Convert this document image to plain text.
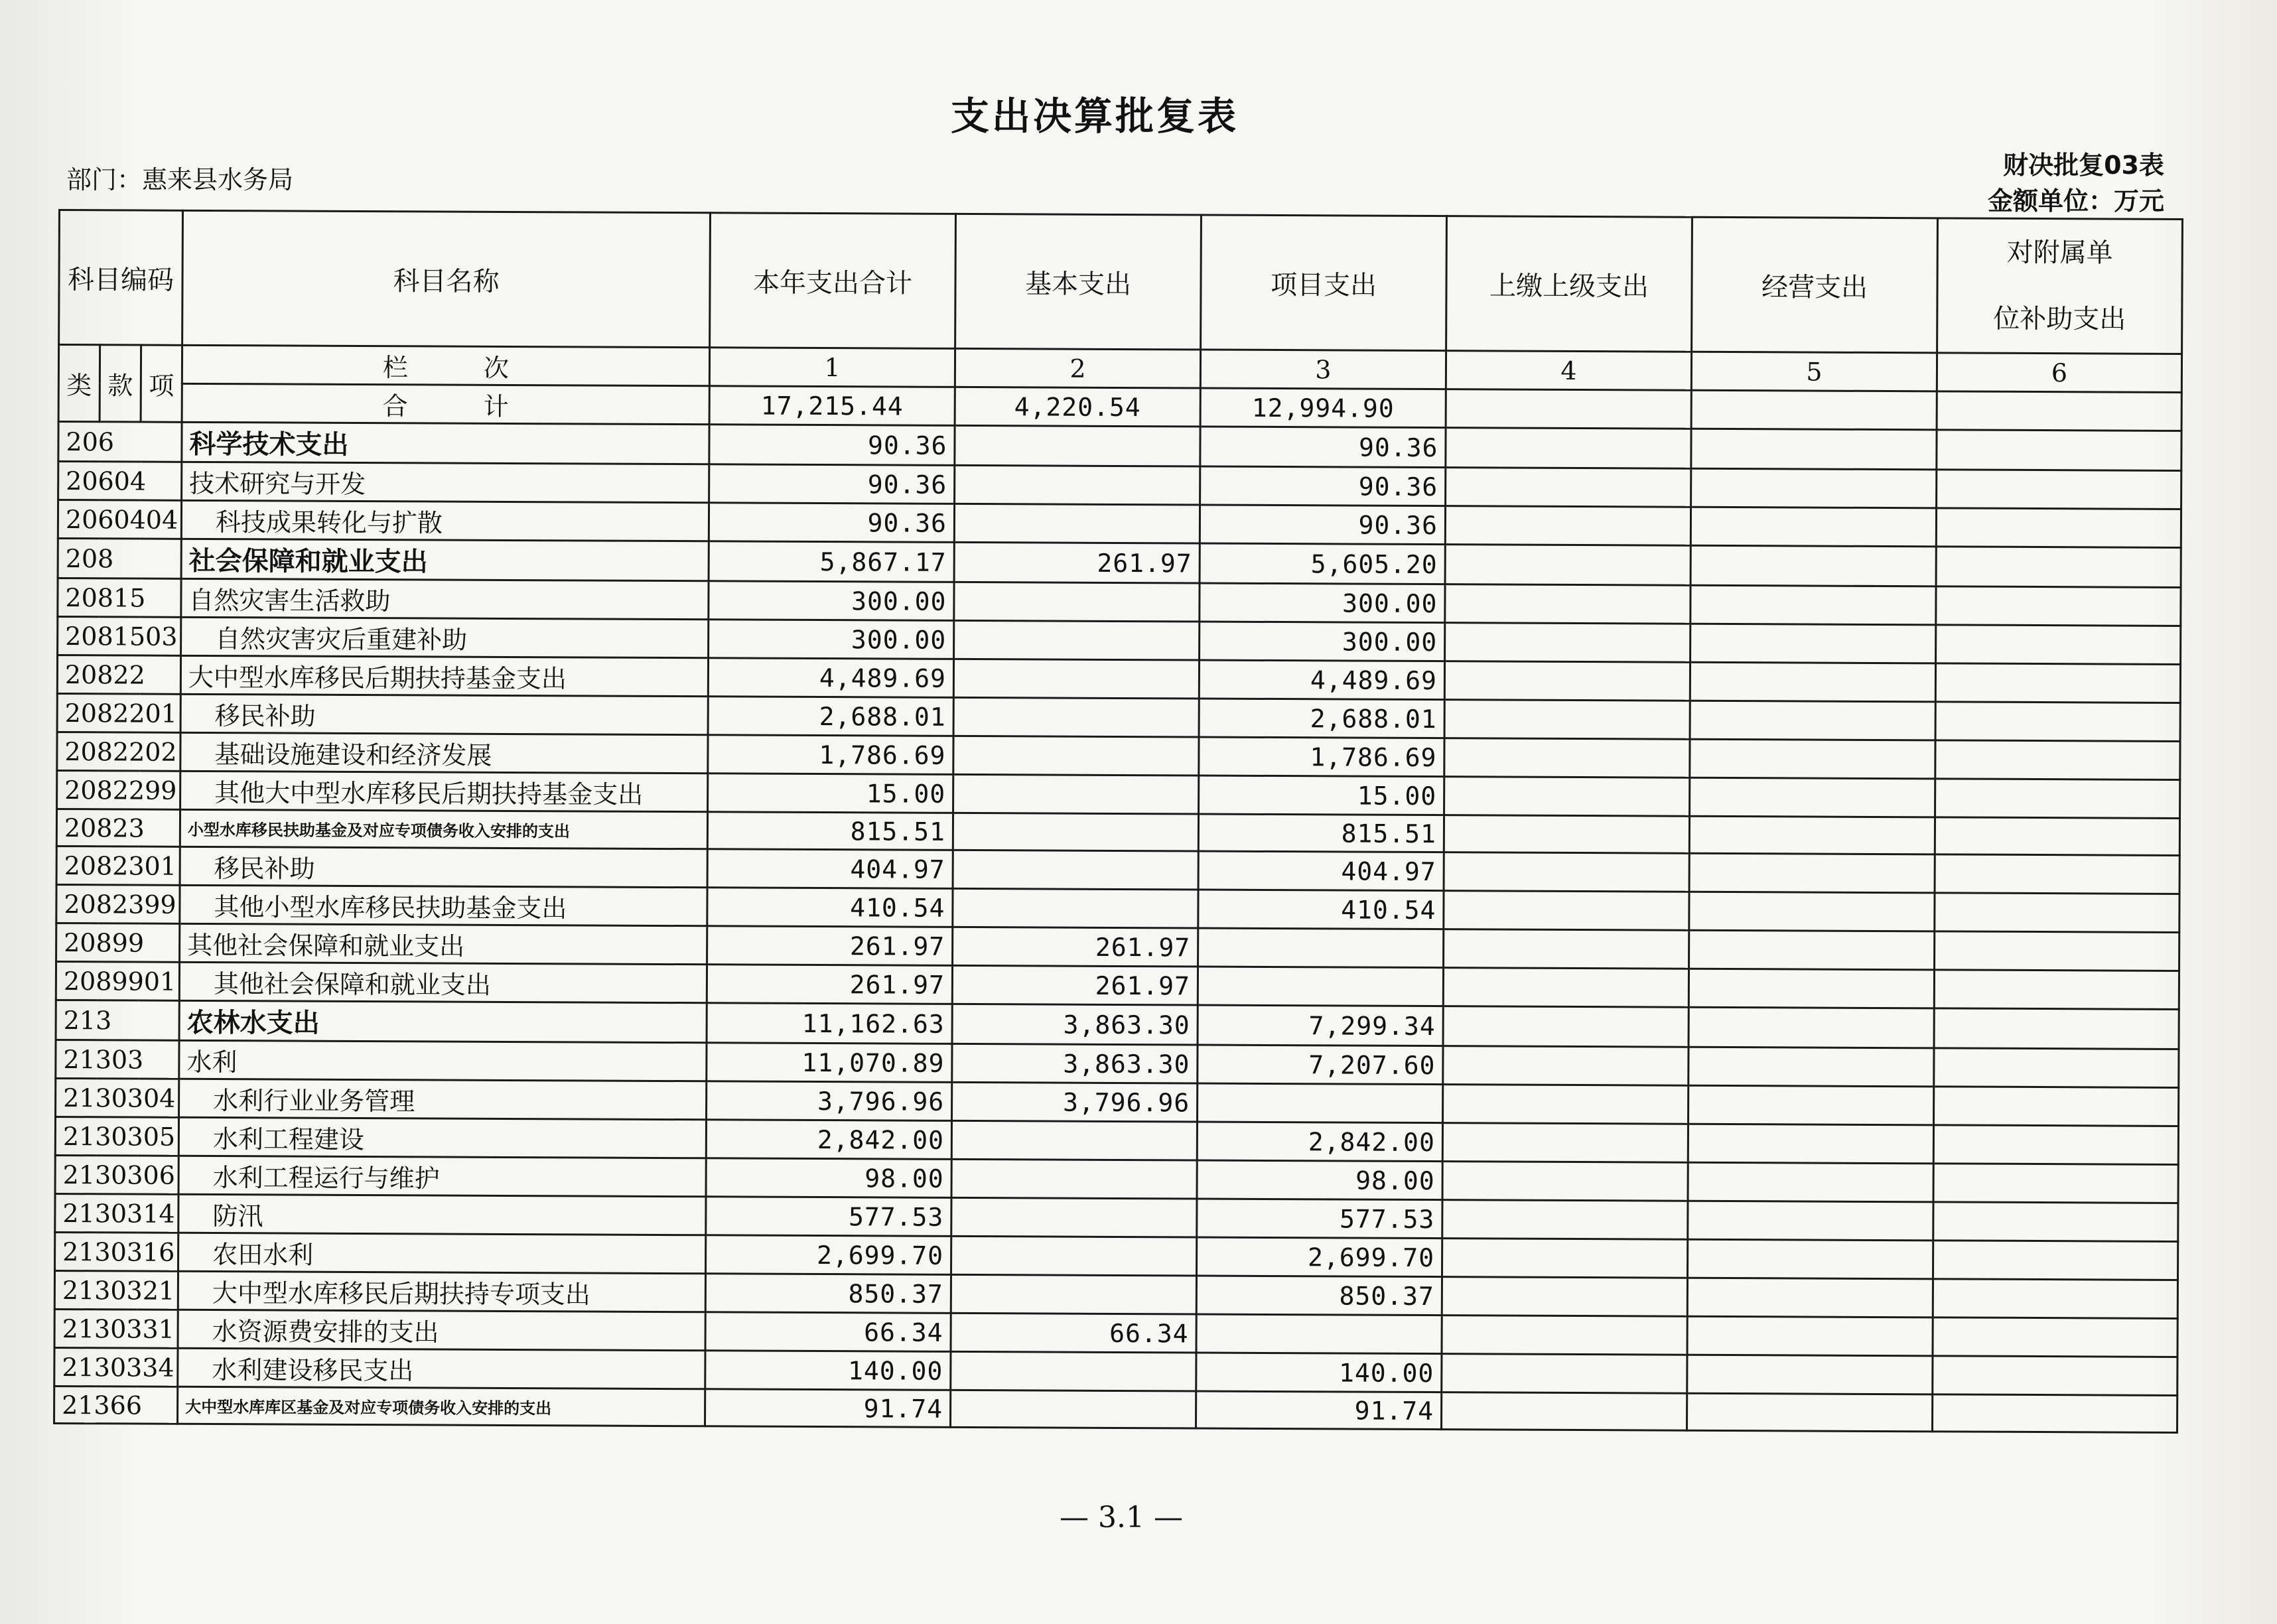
支出决算批复表
部门：惠来县水务局	财决批复03表
金额单位：万元
科目编码			科目名称	本年支出合计	基本支出	项目支出	上缴上级支出	经营支出	对附属单
位补助支出
类	款	项	栏　　　次	1	2	3	4	5	6
			合　　　计	17,215.44	4,220.54	12,994.90			
206			科学技术支出	90.36		90.36			
20604			技术研究与开发	90.36		90.36			
2060404			科技成果转化与扩散	90.36		90.36			
208			社会保障和就业支出	5,867.17	261.97	5,605.20			
20815			自然灾害生活救助	300.00		300.00			
2081503			自然灾害灾后重建补助	300.00		300.00			
20822			大中型水库移民后期扶持基金支出	4,489.69		4,489.69			
2082201			移民补助	2,688.01		2,688.01			
2082202			基础设施建设和经济发展	1,786.69		1,786.69			
2082299			其他大中型水库移民后期扶持基金支出	15.00		15.00			
20823			小型水库移民扶助基金及对应专项债务收入安排的支出	815.51		815.51			
2082301			移民补助	404.97		404.97			
2082399			其他小型水库移民扶助基金支出	410.54		410.54			
20899			其他社会保障和就业支出	261.97	261.97				
2089901			其他社会保障和就业支出	261.97	261.97				
213			农林水支出	11,162.63	3,863.30	7,299.34			
21303			水利	11,070.89	3,863.30	7,207.60			
2130304			水利行业业务管理	3,796.96	3,796.96				
2130305			水利工程建设	2,842.00		2,842.00			
2130306			水利工程运行与维护	98.00		98.00			
2130314			防汛	577.53		577.53			
2130316			农田水利	2,699.70		2,699.70			
2130321			大中型水库移民后期扶持专项支出	850.37		850.37			
2130331			水资源费安排的支出	66.34	66.34				
2130334			水利建设移民支出	140.00		140.00			
21366			大中型水库库区基金及对应专项债务收入安排的支出	91.74		91.74			
— 3.1 —
